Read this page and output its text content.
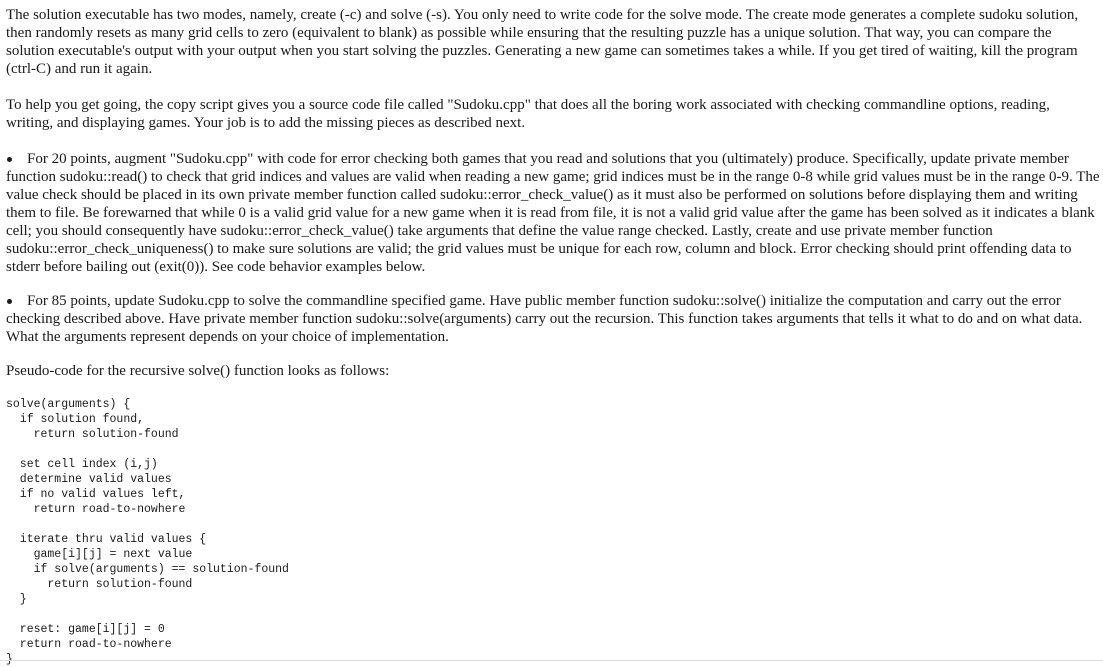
The solution executable has two modes, namely, create (-c) and solve (-s). You only need to write code for the solve mode. The create mode generates a complete sudoku solution, then randomly resets as many grid cells to zero (equivalent to blank) as possible while ensuring that the resulting puzzle has a unique solution. That way, you can compare the solution executable's output with your output when you start solving the puzzles. Generating a new game can sometimes takes a while. If you get tired of waiting, kill the program (ctrl-C) and run it again.

To help you get going, the copy script gives you a source code file called "Sudoku.cpp" that does all the boring work associated with checking commandline options, reading, writing, and displaying games. Your job is to add the missing pieces as described next.

For 20 points, augment "Sudoku.cpp" with code for error checking both games that you read and solutions that you (ultimately) produce. Specifically, update private member function sudoku::read() to check that grid indices and values are valid when reading a new game; grid indices must be in the range 0-8 while grid values must be in the range 0-9. The value check should be placed in its own private member function called sudoku::error_check_value() as it must also be performed on solutions before displaying them and writing them to file. Be forewarned that while 0 is a valid grid value for a new game when it is read from file, it is not a valid grid value after the game has been solved as it indicates a blank cell; you should consequently have sudoku::error_check_value() take arguments that define the value range checked. Lastly, create and use private member function sudoku::error_check_uniqueness() to make sure solutions are valid; the grid values must be unique for each row, column and block. Error checking should print offending data to stderr before bailing out (exit(0)). See code behavior examples below.
For 85 points, update Sudoku.cpp to solve the commandline specified game. Have public member function sudoku::solve() initialize the computation and carry out the error checking described above. Have private member function sudoku::solve(arguments) carry out the recursion. This function takes arguments that tells it what to do and on what data. What the arguments represent depends on your choice of implementation.

Pseudo-code for the recursive solve() function looks as follows:

solve(arguments) {
if solution found,
return solution-found

set cell index (i,j)
determine valid values
if no valid values left,
return road-to-nowhere

iterate thru valid values {
game[i][j] = next value
if solve(arguments) == solution-found
return solution-found
}

reset: game[i][j] = 0
return road-to-nowhere
